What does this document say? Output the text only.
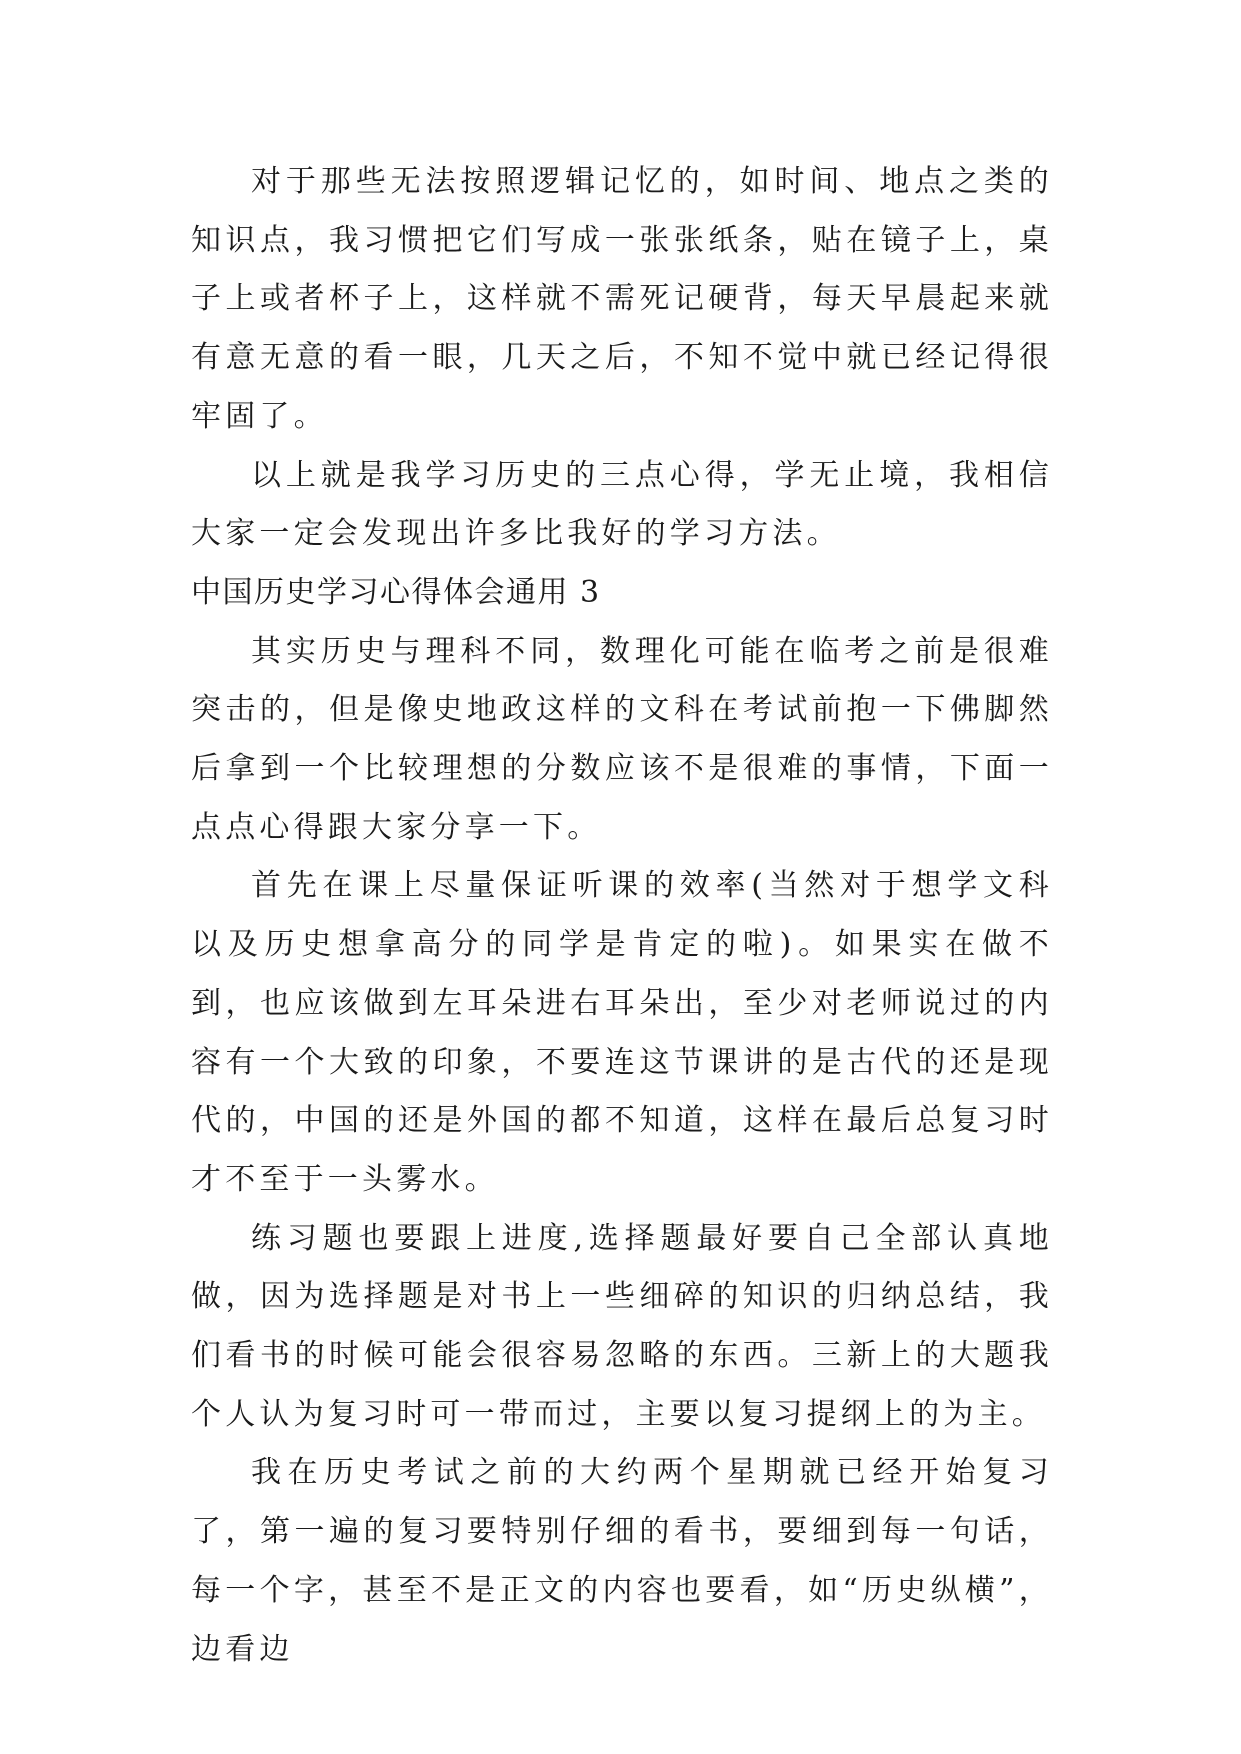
对于那些无法按照逻辑记忆的，如时间、地点之类的知识点，我习惯把它们写成一张张纸条，贴在镜子上，桌子上或者杯子上，这样就不需死记硬背，每天早晨起来就有意无意的看一眼，几天之后，不知不觉中就已经记得很牢固了。

以上就是我学习历史的三点心得，学无止境，我相信大家一定会发现出许多比我好的学习方法。

中国历史学习心得体会通用 3

其实历史与理科不同，数理化可能在临考之前是很难突击的，但是像史地政这样的文科在考试前抱一下佛脚然后拿到一个比较理想的分数应该不是很难的事情，下面一点点心得跟大家分享一下。

首先在课上尽量保证听课的效率(当然对于想学文科以及历史想拿高分的同学是肯定的啦)。如果实在做不到，也应该做到左耳朵进右耳朵出，至少对老师说过的内容有一个大致的印象，不要连这节课讲的是古代的还是现代的，中国的还是外国的都不知道，这样在最后总复习时才不至于一头雾水。

练习题也要跟上进度,选择题最好要自己全部认真地做，因为选择题是对书上一些细碎的知识的归纳总结，我们看书的时候可能会很容易忽略的东西。三新上的大题我个人认为复习时可一带而过，主要以复习提纲上的为主。

我在历史考试之前的大约两个星期就已经开始复习了，第一遍的复习要特别仔细的看书，要细到每一句话，每一个字，甚至不是正文的内容也要看，如“历史纵横”，边看边
